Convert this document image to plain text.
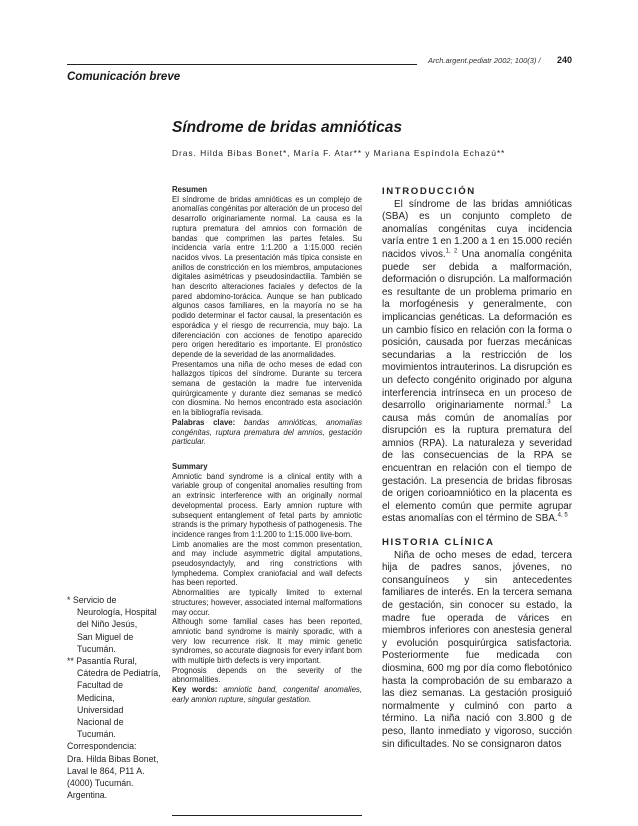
Arch.argent.pediatr 2002; 100(3) / 240
Comunicación breve
Síndrome de bridas amnióticas
Dras. Hilda Bibas Bonet*, María F. Atar** y Mariana Espíndola Echazú**

Resumen

El síndrome de bridas amnióticas es un complejo de anomalías congénitas por alteración de un proceso del desarrollo originariamente normal. La causa es la ruptura prematura del amnios con formación de bandas que comprimen las partes fetales. Su incidencia varía entre 1:1.200 a 1:15.000 recién nacidos vivos. La presentación más típica consiste en anillos de constricción en los miembros, amputaciones digitales asimétricas y pseudosindactilia. También se han descrito alteraciones faciales y defectos de la pared abdomino-torácica. Aunque se han publicado algunos casos familiares, en la mayoría no se ha podido determinar el factor causal, la presentación es esporádica y el riesgo de recurrencia, muy bajo. La diferenciación con acciones de fenotipo aparecido pero origen hereditario es importante. El pronóstico depende de la severidad de las anormalidades.

Presentamos una niña de ocho meses de edad con hallazgos típicos del síndrome. Durante su tercera semana de gestación la madre fue intervenida quirúrgicamente y durante diez semanas se medicó con diosmina. No hemos encontrado esta asociación en la bibliografía revisada.

Palabras clave: bandas amnióticas, anomalías congénitas, ruptura prematura del amnios, gestación particular.

Summary

Amniotic band syndrome is a clinical entity with a variable group of congenital anomalies resulting from an extrinsic interference with an originally normal developmental process. Early amnion rupture with subsequent entanglement of fetal parts by amniotic strands is the primary hypothesis of pathogenesis. The incidence ranges from 1:1.200 to 1:15.000 live-born.

Limb anomalies are the most common presentation, and may include asymmetric digital amputations, pseudosyndactyly, and ring constrictions with lymphedema. Complex craniofacial and wall defects has been reported.

Abnormalities are typically limited to external structures; however, associated internal malformations may occur.

Although some familial cases has been reported, amniotic band syndrome is mainly sporadic, with a very low recurrence risk. It may mimic genetic syndromes, so accurate diagnosis for every infant born with multiple birth defects is very important.

Prognosis depends on the severity of the abnormalities.

Key words: amniotic band, congenital anomalies, early amnion rupture, singular gestation.

* Servicio de

Neurología, Hospital

del Niño Jesús,

San Miguel de

Tucumán.

** Pasantía Rural,

Cátedra de Pediatría,

Facultad de

Medicina,

Universidad

Nacional de

Tucumán.

Correspondencia:

Dra. Hilda Bibas Bonet,

Laval le 864, P11 A.

(4000) Tucumán.

Argentina.

INTRODUCCIÓN

El síndrome de las bridas amnióticas (SBA) es un conjunto completo de anomalías congénitas cuya incidencia varía entre 1 en 1.200 a 1 en 15.000 recién nacidos vivos.$^{1, 2}$ Una anomalía congénita puede ser debida a malformación, deformación o disrupción. La malformación es resultante de un problema primario en la morfogénesis y generalmente, con implicancias genéticas. La deformación es un cambio físico en relación con la forma o posición, causada por fuerzas mecánicas secundarias a la restricción de los movimientos intrauterinos. La disrupción es un defecto congénito originado por alguna interferencia intrínseca en un proceso de desarrollo originariamente normal.$^3$ La causa más común de anomalías por disrupción es la ruptura prematura del amnios (RPA). La naturaleza y severidad de las consecuencias de la RPA se encuentran en relación con el tiempo de gestación. La presencia de bridas fibrosas de origen corioamniótico en la placenta es el elemento común que permite agrupar estas anomalías con el término de SBA.$^{4, 5}$

HISTORIA CLÍNICA

Niña de ocho meses de edad, tercera hija de padres sanos, jóvenes, no consanguíneos y sin antecedentes familiares de interés. En la tercera semana de gestación, sin conocer su estado, la madre fue operada de várices en miembros inferiores con anestesia general y evolución posquirúrgica satisfactoria. Posteriormente fue medicada con diosmina, 600 mg por día como flebotónico hasta la comprobación de su embarazo a las diez semanas. La gestación prosiguió normalmente y culminó con parto a término. La niña nació con 3.800 g de peso, llanto inmediato y vigoroso, succión sin dificultades. No se consignaron datos
